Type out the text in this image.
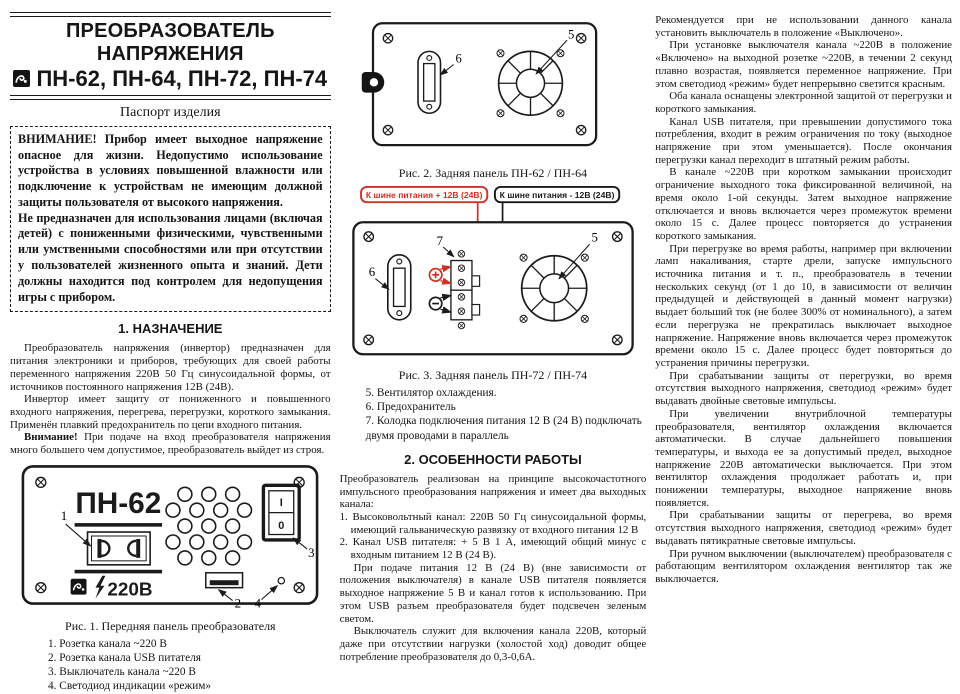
ПРЕОБРАЗОВАТЕЛЬ НАПРЯЖЕНИЯ
ПН-62, ПН-64, ПН-72, ПН-74

Паспорт изделия

ВНИМАНИЕ! Прибор имеет выходное напряжение опасное для жизни. Недопустимо использование устройства в условиях повышенной влажности или подключение к устройствам не имеющим должной защиты пользователя от высокого напряжения.

Не предназначен для использования лицами (включая детей) с пониженными физическими, чувственными или умственными способностями или при отсутствии у пользователей жизненного опыта и знаний. Дети должны находится под контролем для недопущения игры с прибором.

1. НАЗНАЧЕНИЕ

Преобразователь напряжения (инвертор) предназначен для питания электроники и приборов, требующих для своей работы переменного напряжения 220В 50 Гц синусоидальной формы, от источников постоянного напряжения 12В (24В).

Инвертор имеет защиту от пониженного и повышенного входного напряжения, перегрева, перегрузки, короткого замыкания. Применён плавкий предохранитель по цепи входного питания.

Внимание! При подаче на вход преобразователя напряжения много большего чем допустимое, преобразователь выйдет из строя.

ПН-62	I
0
220В
1
2
3
4

Рис. 1. Передняя панель преобразователя

1. Розетка канала ~220 В
2. Розетка канала USB питателя
3. Выключатель канала ~220 В
4. Светодиод индикации «режим»
6
5

Рис. 2. Задняя панель ПН-62 / ПН-64

К шине питания + 12В (24В) К шине питания - 12В (24В)
6
7	5

Рис. 3. Задняя панель ПН-72 / ПН-74

5. Вентилятор охлаждения.
6. Предохранитель
7. Колодка подключения питания 12 В (24 В) подключать двумя проводами в параллель
2. ОСОБЕННОСТИ РАБОТЫ

Преобразователь реализован на принципе высокочастотного импульсного преобразования напряжения и имеет два выходных канала:

1. Высоковольтный канал: 220В 50 Гц синусоидальной формы, имеющий гальваническую развязку от входного питания 12 В
2. Канал USB питателя: + 5 В 1 А, имеющий общий минус с входным питанием 12 В (24 В).

При подаче питания 12 В (24 В) (вне зависимости от положения выключателя) в канале USB питателя появляется выходное напряжение 5 В и канал готов к использованию. При этом USB разъем преобразователя будет подсвечен зеленым светом.

Выключатель служит для включения канала 220В, который даже при отсутствии нагрузки (холостой ход) доводит общее потребление преобразователя до 0,3-0,6А.

Рекомендуется при не использовании данного канала установить выключатель в положение «Выключено».

При установке выключателя канала ~220В в положение «Включено» на выходной розетке ~220В, в течении 2 секунд плавно возрастая, появляется переменное напряжение. При этом светодиод «режим» будет непрерывно светится красным.

Оба канала оснащены электронной защитой от перегрузки и короткого замыкания.

Канал USB питателя, при превышении допустимого тока потребления, входит в режим ограничения по току (выходное напряжение при этом уменьшается). После окончания перегрузки канал переходит в штатный режим работы.

В канале ~220В при коротком замыкании происходит ограничение выходного тока фиксированной величиной, на время около 1-ой секунды. Затем выходное напряжение отключается и вновь включается через промежуток времени около 15 с. Далее процесс повторяется до устранения короткого замыкания.

При перегрузке во время работы, например при включении ламп накаливания, старте дрели, запуске импульсного источника питания и т. п., преобразователь в течении нескольких секунд (от 1 до 10, в зависимости от величин предыдущей и действующей в данный момент нагрузки) выдает больший ток (не более 300% от номинального), а затем если перегрузка не прекратилась выключает выходное напряжение. Напряжение вновь включается через промежуток времени около 15 с. Далее процесс будет повторяться до устранения причины перегрузки.

При срабатывании защиты от перегрузки, во время отсутствия выходного напряжения, светодиод «режим» будет выдавать двойные световые импульсы.

При увеличении внутриблочной температуры преобразователя, вентилятор охлаждения включается автоматически. В случае дальнейшего повышения температуры, и выхода ее за допустимый предел, выходное напряжение 220В автоматически выключается. При этом вентилятор охлаждения продолжает работать и, при понижении температуры, выходное напряжение вновь появляется.

При срабатывании защиты от перегрева, во время отсутствия выходного напряжения, светодиод «режим» будет выдавать пятикратные световые импульсы.

При ручном выключении (выключателем) преобразователя с работающим вентилятором охлаждения вентилятор так же выключается.
